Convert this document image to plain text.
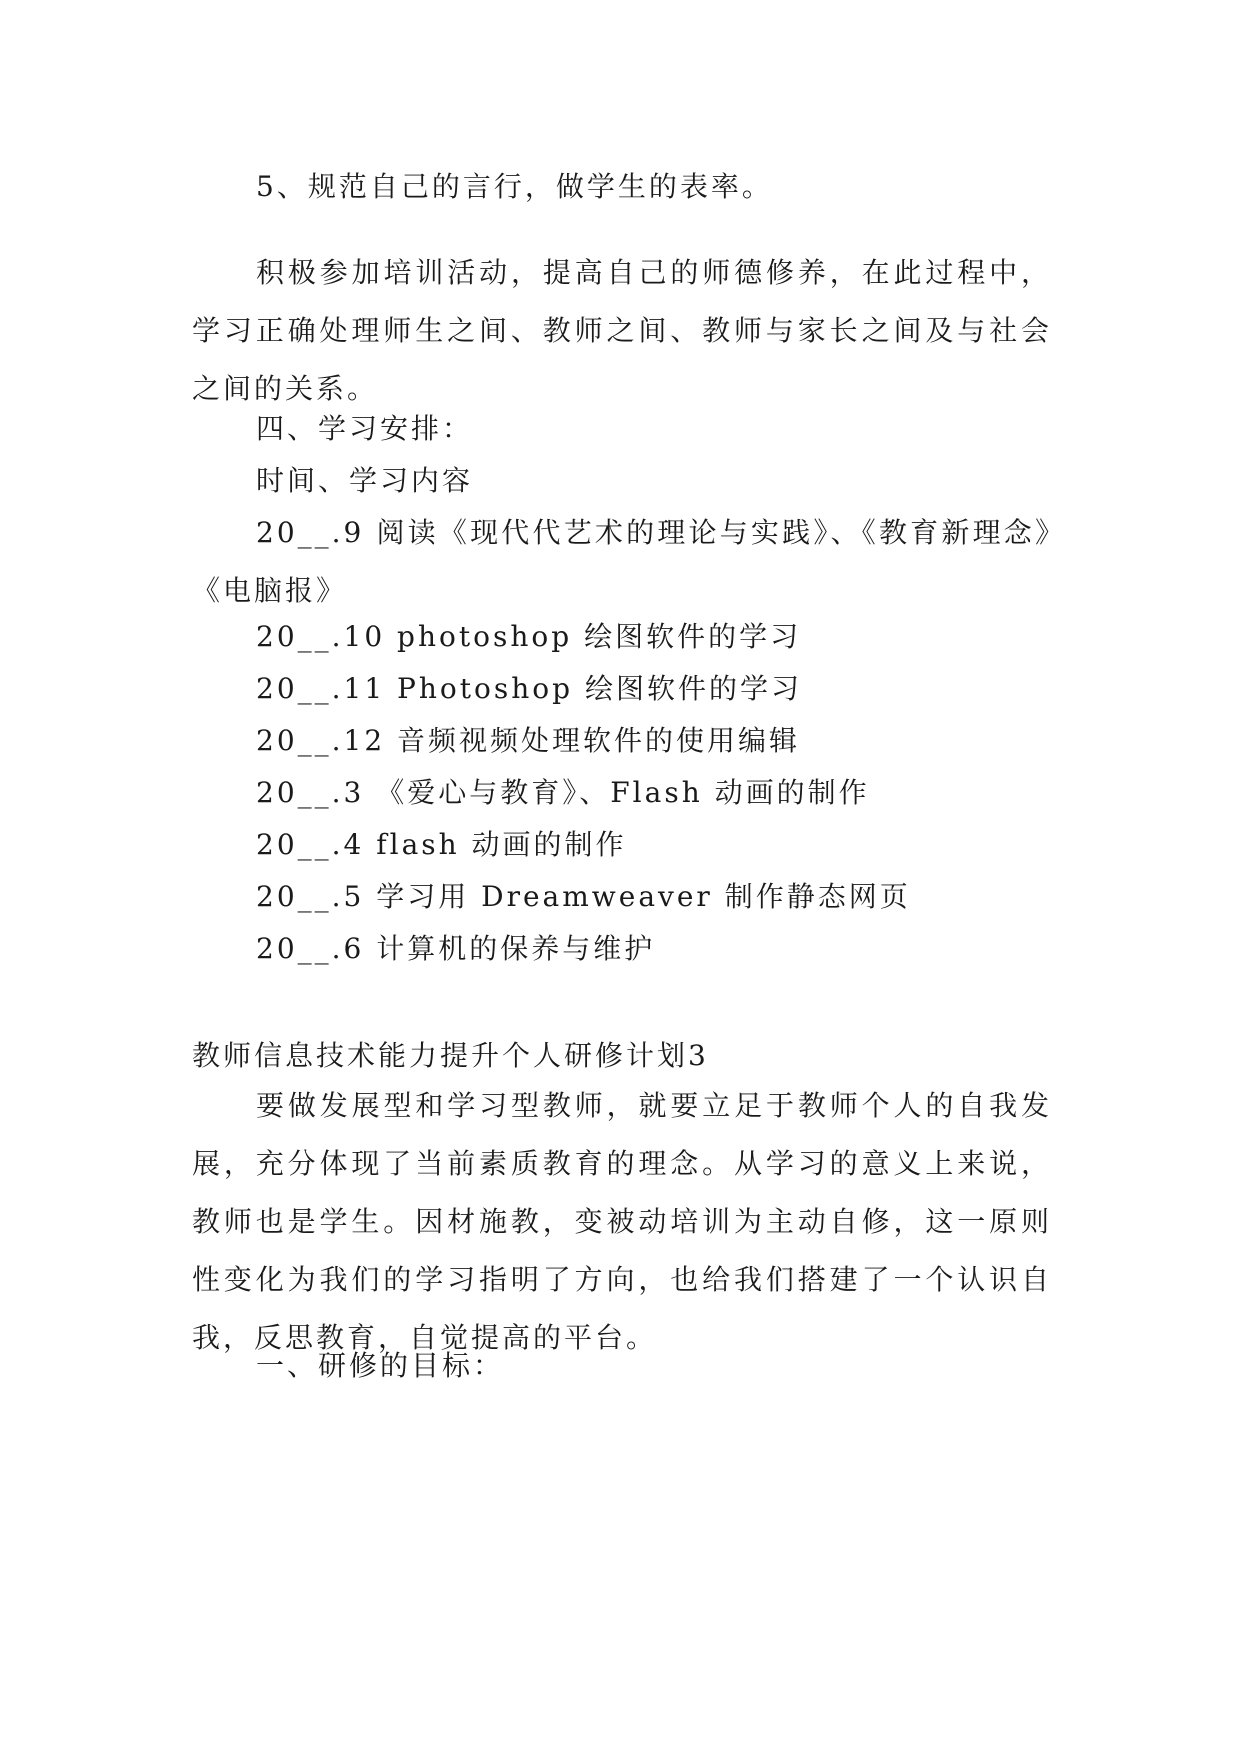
5、规范自己的言行，做学生的表率。

积极参加培训活动，提高自己的师德修养，在此过程中，学习正确处理师生之间、教师之间、教师与家长之间及与社会之间的关系。

四、学习安排：

时间、学习内容

20__.9 阅读《现代代艺术的理论与实践》、《教育新理念》《电脑报》

20__.10 photoshop 绘图软件的学习

20__.11 Photoshop 绘图软件的学习

20__.12 音频视频处理软件的使用编辑

20__.3 《爱心与教育》、Flash 动画的制作

20__.4 flash 动画的制作

20__.5 学习用 Dreamweaver 制作静态网页

20__.6 计算机的保养与维护

教师信息技术能力提升个人研修计划3

要做发展型和学习型教师，就要立足于教师个人的自我发展，充分体现了当前素质教育的理念。从学习的意义上来说，教师也是学生。因材施教，变被动培训为主动自修，这一原则性变化为我们的学习指明了方向，也给我们搭建了一个认识自我，反思教育，自觉提高的平台。

一、研修的目标：
